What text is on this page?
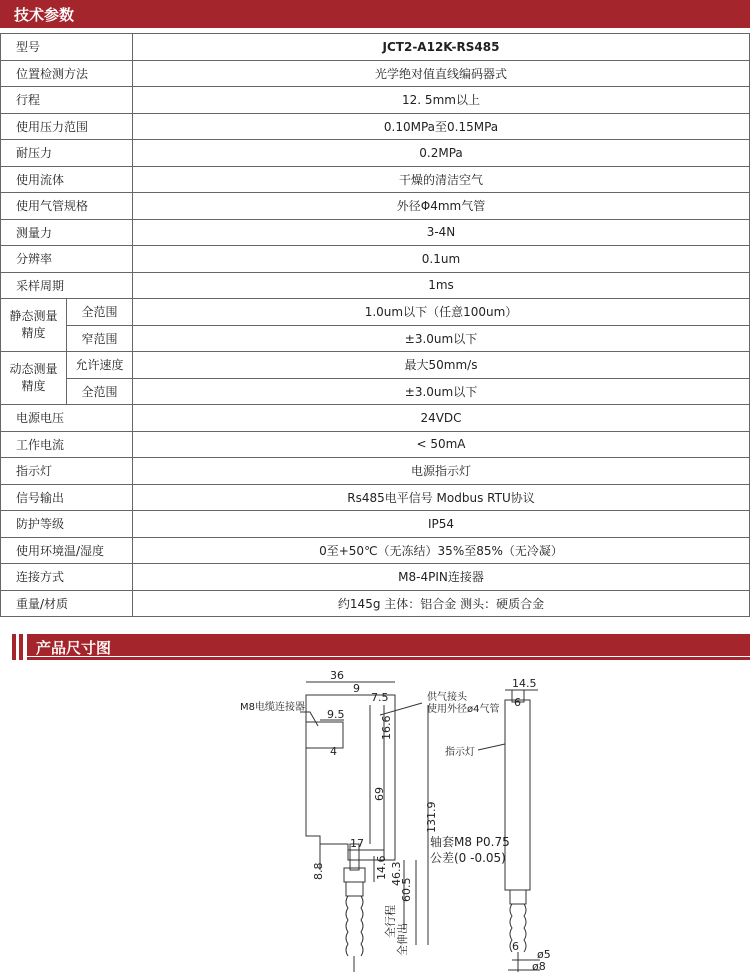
技术参数
型号		JCT2-A12K-RS485
位置检测方法		光学绝对值直线编码器式
行程		12. 5mm以上
使用压力范围		0.10MPa至0.15MPa
耐压力		0.2MPa
使用流体		干燥的清洁空气
使用气管规格		外径Φ4mm气管
测量力		3-4N
分辨率		0.1um
采样周期		1ms

静态测量精度	全范围	1.0um以下（任意100um）
	窄范围	±3.0um以下

动态测量精度	允许速度	最大50mm/s
	全范围	±3.0um以下
电源电压		24VDC
工作电流		< 50mA
指示灯		电源指示灯
信号输出		Rs485电平信号 Modbus RTU协议
防护等级		IP54
使用环境温/湿度		0至+50℃（无冻结）35%至85%（无冷凝）
连接方式		M8-4PIN连接器
重量/材质		约145g 主体：铝合金 测头：硬质合金
产品尺寸图
36
9
7.5
9.5
16.6
4
69
131.9
17
8.8	14.6 46.3
60.5
全行程
全伸出
14.5
6
6
ø5
ø8
M8电缆连接器
供气接头
使用外径ø4气管
指示灯
轴套M8 P0.75
公差(0 -0.05)
